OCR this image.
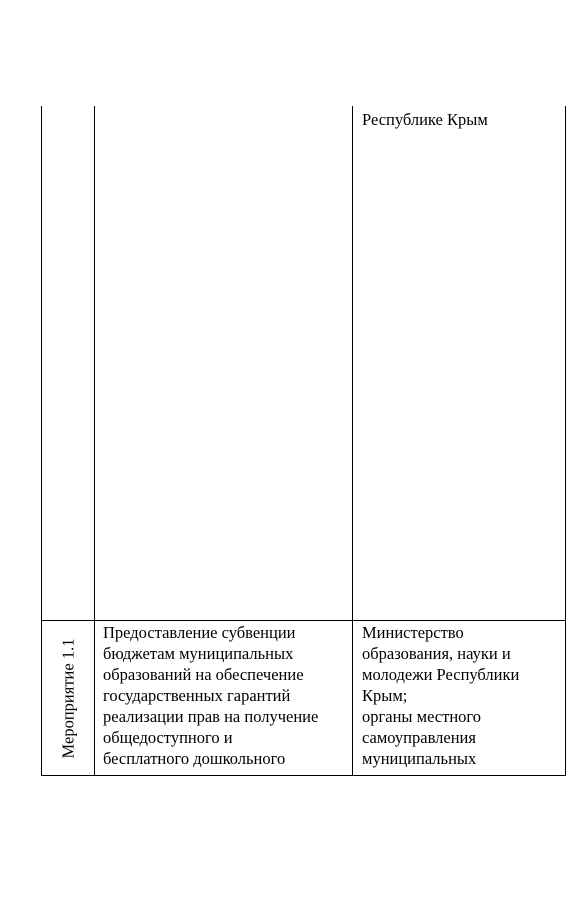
Республике Крым
Мероприятие 1.1
Предоставление субвенции
бюджетам муниципальных
образований на обеспечение
государственных гарантий
реализации прав на получение
общедоступного и
бесплатного дошкольного
Министерство
образования, науки и
молодежи Республики
Крым;
органы местного
самоуправления
муниципальных
